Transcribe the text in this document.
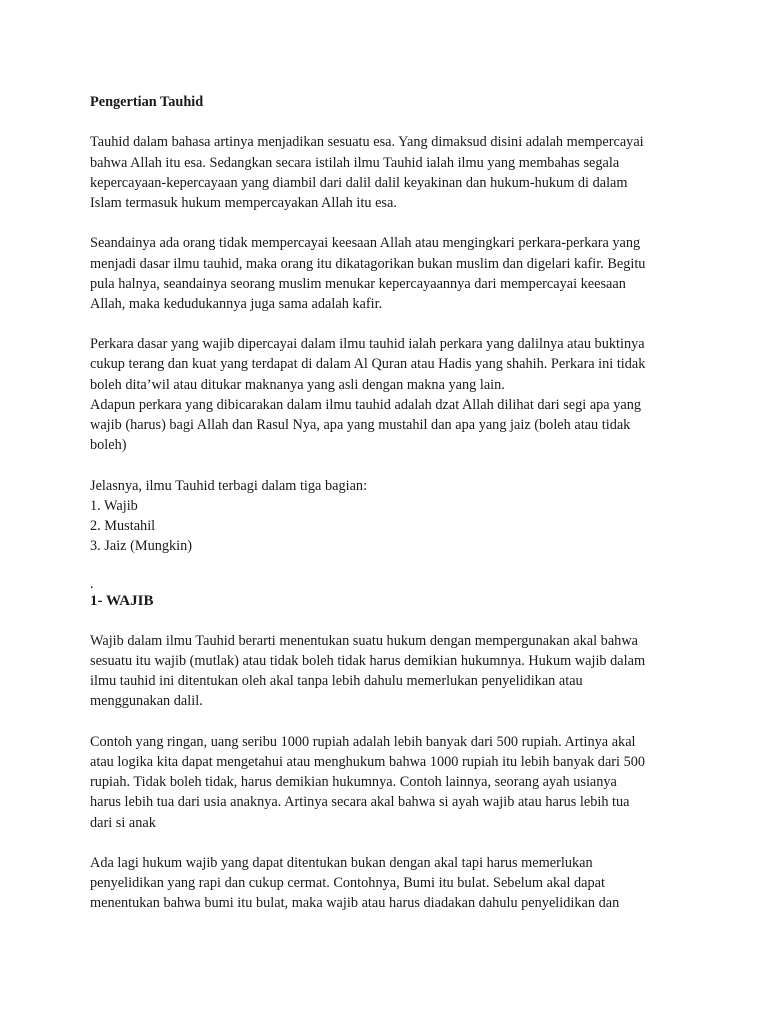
Pengertian Tauhid
Tauhid dalam bahasa artinya menjadikan sesuatu esa. Yang dimaksud disini adalah mempercayai
bahwa Allah itu esa. Sedangkan secara istilah ilmu Tauhid ialah ilmu yang membahas segala
kepercayaan-kepercayaan yang diambil dari dalil dalil keyakinan dan hukum-hukum di dalam
Islam termasuk hukum mempercayakan Allah itu esa.
Seandainya ada orang tidak mempercayai keesaan Allah atau mengingkari perkara-perkara yang
menjadi dasar ilmu tauhid, maka orang itu dikatagorikan bukan muslim dan digelari kafir. Begitu
pula halnya, seandainya seorang muslim menukar kepercayaannya dari mempercayai keesaan
Allah, maka kedudukannya juga sama adalah kafir.
Perkara dasar yang wajib dipercayai dalam ilmu tauhid ialah perkara yang dalilnya atau buktinya
cukup terang dan kuat yang terdapat di dalam Al Quran atau Hadis yang shahih. Perkara ini tidak
boleh dita’wil atau ditukar maknanya yang asli dengan makna yang lain.
Adapun perkara yang dibicarakan dalam ilmu tauhid adalah dzat Allah dilihat dari segi apa yang
wajib (harus) bagi Allah dan Rasul Nya, apa yang mustahil dan apa yang jaiz (boleh atau tidak
boleh)
Jelasnya, ilmu Tauhid terbagi dalam tiga bagian:
1. Wajib
2. Mustahil
3. Jaiz (Mungkin)
.
1- WAJIB
Wajib dalam ilmu Tauhid berarti menentukan suatu hukum dengan mempergunakan akal bahwa
sesuatu itu wajib (mutlak) atau tidak boleh tidak harus demikian hukumnya. Hukum wajib dalam
ilmu tauhid ini ditentukan oleh akal tanpa lebih dahulu memerlukan penyelidikan atau
menggunakan dalil.
Contoh yang ringan, uang seribu 1000 rupiah adalah lebih banyak dari 500 rupiah. Artinya akal
atau logika kita dapat mengetahui atau menghukum bahwa 1000 rupiah itu lebih banyak dari 500
rupiah. Tidak boleh tidak, harus demikian hukumnya. Contoh lainnya, seorang ayah usianya
harus lebih tua dari usia anaknya. Artinya secara akal bahwa si ayah wajib atau harus lebih tua
dari si anak
Ada lagi hukum wajib yang dapat ditentukan bukan dengan akal tapi harus memerlukan
penyelidikan yang rapi dan cukup cermat. Contohnya, Bumi itu bulat. Sebelum akal dapat
menentukan bahwa bumi itu bulat, maka wajib atau harus diadakan dahulu penyelidikan dan
